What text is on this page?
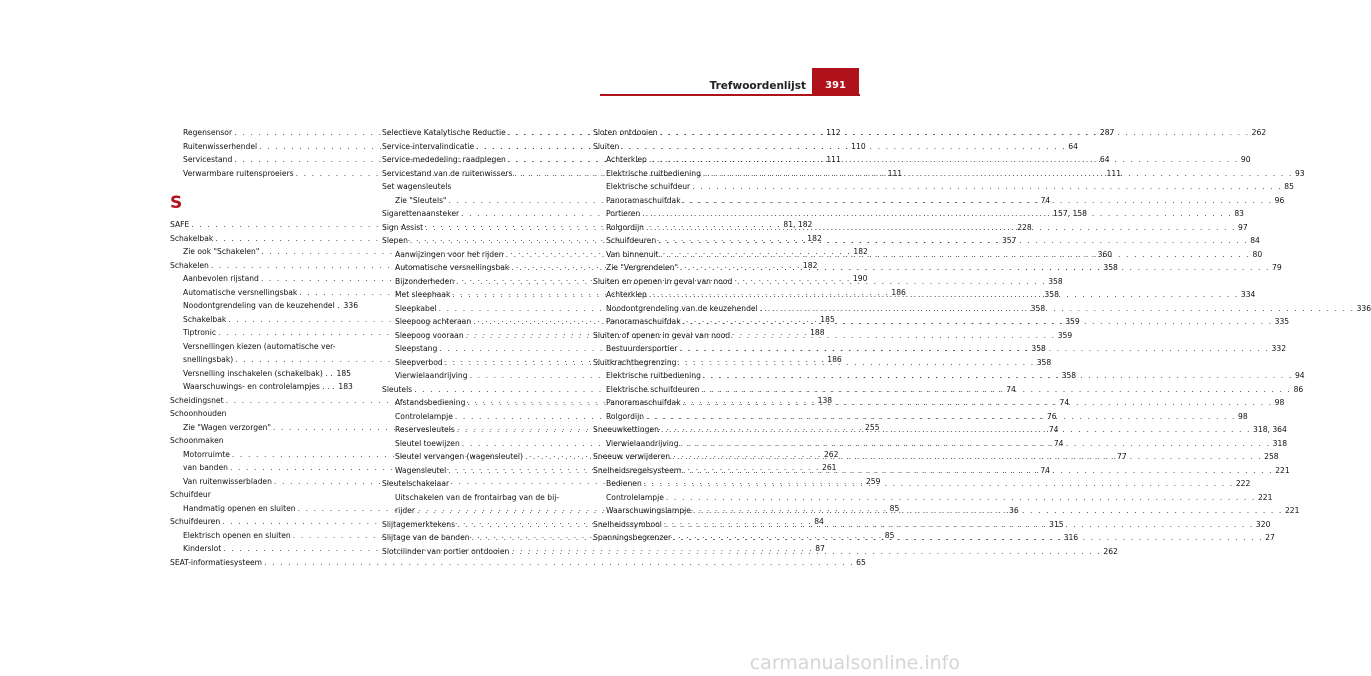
Trefwoordenlijst	391
Regensensor . . .	112
Ruitenwisserhendel . . .	110
Servicestand . . .	111
Verwarmbare ruitensproeiers . . .	111
S
SAFE . . .	81, 182
Schakelbak . . .	182
Zie ook "Schakelen" . . .	182
Schakelen . . .	182
Aanbevolen rijstand . . .	190
Automatische versnellingsbak . . .	186
Noodontgrendeling van de keuzehendel . 336
Schakelbak . . .	185
Tiptronic . . .	188
Versnellingen kiezen (automatische ver-
snellingsbak) . . .	186
Versnelling inschakelen (schakelbak) . . 185
Waarschuwings- en controlelampjes . . . 183
Scheidingsnet . . .	138
Schoonhouden
Zie "Wagen verzorgen" . . .	255
Schoonmaken
Motorruimte . . .	262
van banden . . .	261
Van ruitenwisserbladen . . .	259
Schuifdeur
Handmatig openen en sluiten . . .	85
Schuifdeuren . . .	84
Elektrisch openen en sluiten . . .	85
Kinderslot . . .	87
SEAT-informatiesysteem . . .	65
Selectieve Katalytische Reductie . . .	287
Service-intervalindicatie . . .	64
Service-mededeling: raadplegen . . .	64
Servicestand van de ruitenwissers . . .	111
Set wagensleutels
Zie "Sleutels" . . .	74
Sigarettenaansteker . . .	157, 158
Sign Assist . . .	228
Slepen . . .	357
Aanwijzingen voor het rijden . . .	360
Automatische versnellingsbak . . .	358
Bijzonderheden . . .	358
Met sleephaak . . .	358
Sleepkabel . . .	358
Sleepoog achteraan . . .	359
Sleepoog vooraan . . .	359
Sleepstang . . .	358
Sleepverbod . . .	358
Vierwielaandrijving . . .	358
Sleutels . . .	74
Afstandsbediening . . .	74
Controlelampje . . .	76
Reservesleutels . . .	74
Sleutel toewijzen . . .	74
Sleutel vervangen (wagensleutel) . . .	77
Wagensleutel . . .	74
Sleutelschakelaar
Uitschakelen van de frontairbag van de bij-
rijder . . .	36
Slijtagemerktekens . . .	315
Slijtage van de banden . . .	316
Slotcilinder van portier ontdooien . . .	262
Sloten ontdooien . . .	262
Sluiten
Achterklep . . .	90
Elektrische ruitbediening . . .	93
Elektrische schuifdeur . . .	85
Panoramaschuifdak . . .	96
Portieren . . .	83
Rolgordijn . . .	97
Schuifdeuren . . .	84
Van binnenuit . . .	80
Zie "Vergrendelen" . . .	79
Sluiten en openen in geval van nood
Achterklep . . .	334
Noodontgrendeling van de keuzehendel . . . .	336
Panoramaschuifdak . . .	335
Sluiten of openen in geval van nood
Bestuurdersportier . . .	332
Sluitkrachtbegrenzing
Elektrische ruitbediening . . .	94
Elektrische schuifdeuren . . .	86
Panoramaschuifdak . . .	98
Rolgordijn . . .	98
Sneeuwkettingen . . .	318, 364
Vierwielaandrijving . . .	318
Sneeuw verwijderen . . .	258
Snelheidsregelsysteem . . .	221
Bedienen . . .	222
Controlelampje . . .	221
Waarschuwingslampje . . .	221
Snelheidssymbool . . .	320
Spanningsbegrenzer . . .	27
carmanualsonline.info
